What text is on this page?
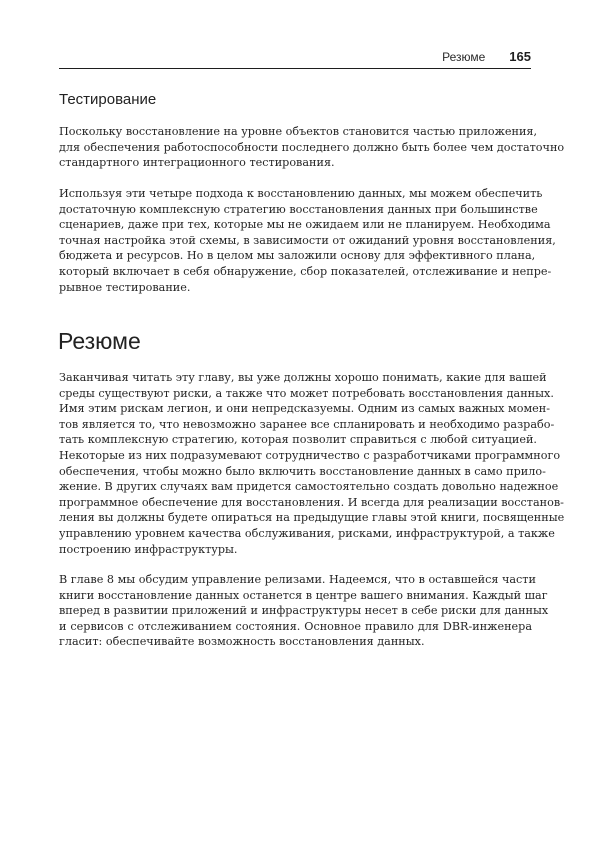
Резюме 165
Тестирование

Поскольку восстановление на уровне объектов становится частью приложения,
для обеспечения работоспособности последнего должно быть более чем достаточно
стандартного интеграционного тестирования.

Используя эти четыре подхода к восстановлению данных, мы можем обеспечить
достаточную комплексную стратегию восстановления данных при большинстве
сценариев, даже при тех, которые мы не ожидаем или не планируем. Необходима
точная настройка этой схемы, в зависимости от ожиданий уровня восстановления,
бюджета и ресурсов. Но в целом мы заложили основу для эффективного плана,
который включает в себя обнаружение, сбор показателей, отслеживание и непре-
рывное тестирование.

Резюме

Заканчивая читать эту главу, вы уже должны хорошо понимать, какие для вашей
среды существуют риски, а также что может потребовать восстановления данных.
Имя этим рискам легион, и они непредсказуемы. Одним из самых важных момен-
тов является то, что невозможно заранее все спланировать и необходимо разрабо-
тать комплексную стратегию, которая позволит справиться с любой ситуацией.
Некоторые из них подразумевают сотрудничество с разработчиками программного
обеспечения, чтобы можно было включить восстановление данных в само прило-
жение. В других случаях вам придется самостоятельно создать довольно надежное
программное обеспечение для восстановления. И всегда для реализации восстанов-
ления вы должны будете опираться на предыдущие главы этой книги, посвященные
управлению уровнем качества обслуживания, рисками, инфраструктурой, а также
построению инфраструктуры.

В главе 8 мы обсудим управление релизами. Надеемся, что в оставшейся части
книги восстановление данных останется в центре вашего внимания. Каждый шаг
вперед в развитии приложений и инфраструктуры несет в себе риски для данных
и сервисов с отслеживанием состояния. Основное правило для DBR-инженера
гласит: обеспечивайте возможность восстановления данных.
